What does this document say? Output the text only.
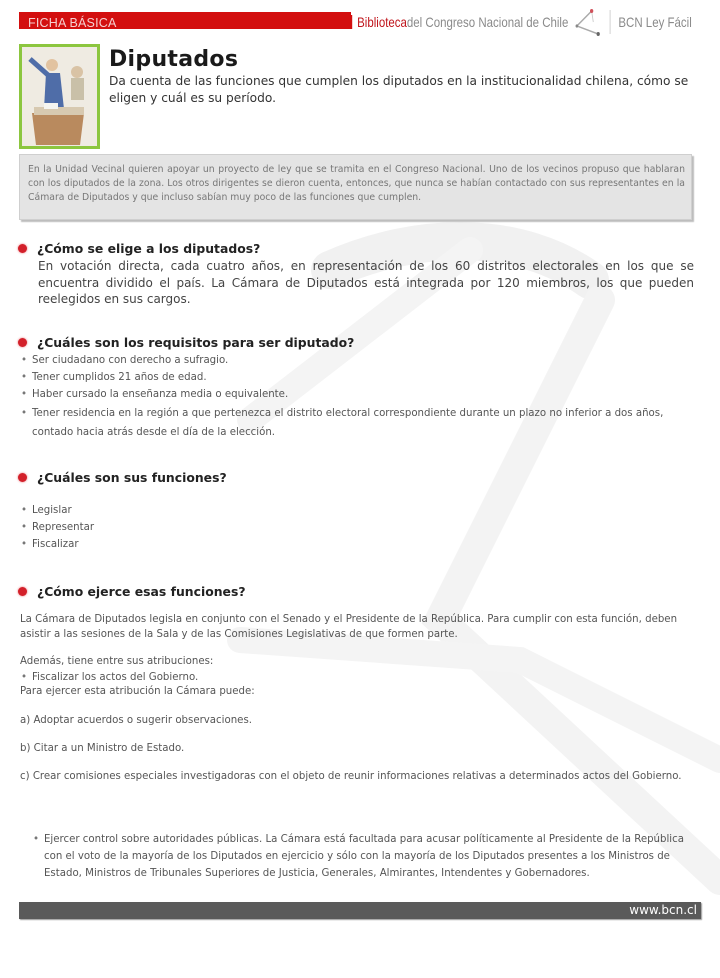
FICHA BÁSICA	Biblioteca del Congreso Nacional de Chile	BCN Ley Fácil
Diputados
Da cuenta de las funciones que cumplen los diputados en la institucionalidad chilena, cómo se eligen y cuál es su período.
En la Unidad Vecinal quieren apoyar un proyecto de ley que se tramita en el Congreso Nacional. Uno de los vecinos propuso que hablaran con los diputados de la zona. Los otros dirigentes se dieron cuenta, entonces, que nunca se habían contactado con sus representantes en la Cámara de Diputados y que incluso sabían muy poco de las funciones que cumplen.
¿Cómo se elige a los diputados?
En votación directa, cada cuatro años, en representación de los 60 distritos electorales en los que se encuentra dividido el país. La Cámara de Diputados está integrada por 120 miembros, los que pueden reelegidos en sus cargos.
¿Cuáles son los requisitos para ser diputado?
• Ser ciudadano con derecho a sufragio.
• Tener cumplidos 21 años de edad.
• Haber cursado la enseñanza media o equivalente.
• Tener residencia en la región a que pertenezca el distrito electoral correspondiente durante un plazo no inferior a dos años, contado hacia atrás desde el día de la elección.
¿Cuáles son sus funciones?
• Legislar
• Representar
• Fiscalizar
¿Cómo ejerce esas funciones?
La Cámara de Diputados legisla en conjunto con el Senado y el Presidente de la República. Para cumplir con esta función, deben asistir a las sesiones de la Sala y de las Comisiones Legislativas de que formen parte.
Además, tiene entre sus atribuciones:
• Fiscalizar los actos del Gobierno.
Para ejercer esta atribución la Cámara puede:
a) Adoptar acuerdos o sugerir observaciones.
b) Citar a un Ministro de Estado.
c) Crear comisiones especiales investigadoras con el objeto de reunir informaciones relativas a determinados actos del Gobierno.
• Ejercer control sobre autoridades públicas. La Cámara está facultada para acusar políticamente al Presidente de la República con el voto de la mayoría de los Diputados en ejercicio y sólo con la mayoría de los Diputados presentes a los Ministros de Estado, Ministros de Tribunales Superiores de Justicia, Generales, Almirantes, Intendentes y Gobernadores.
www.bcn.cl
